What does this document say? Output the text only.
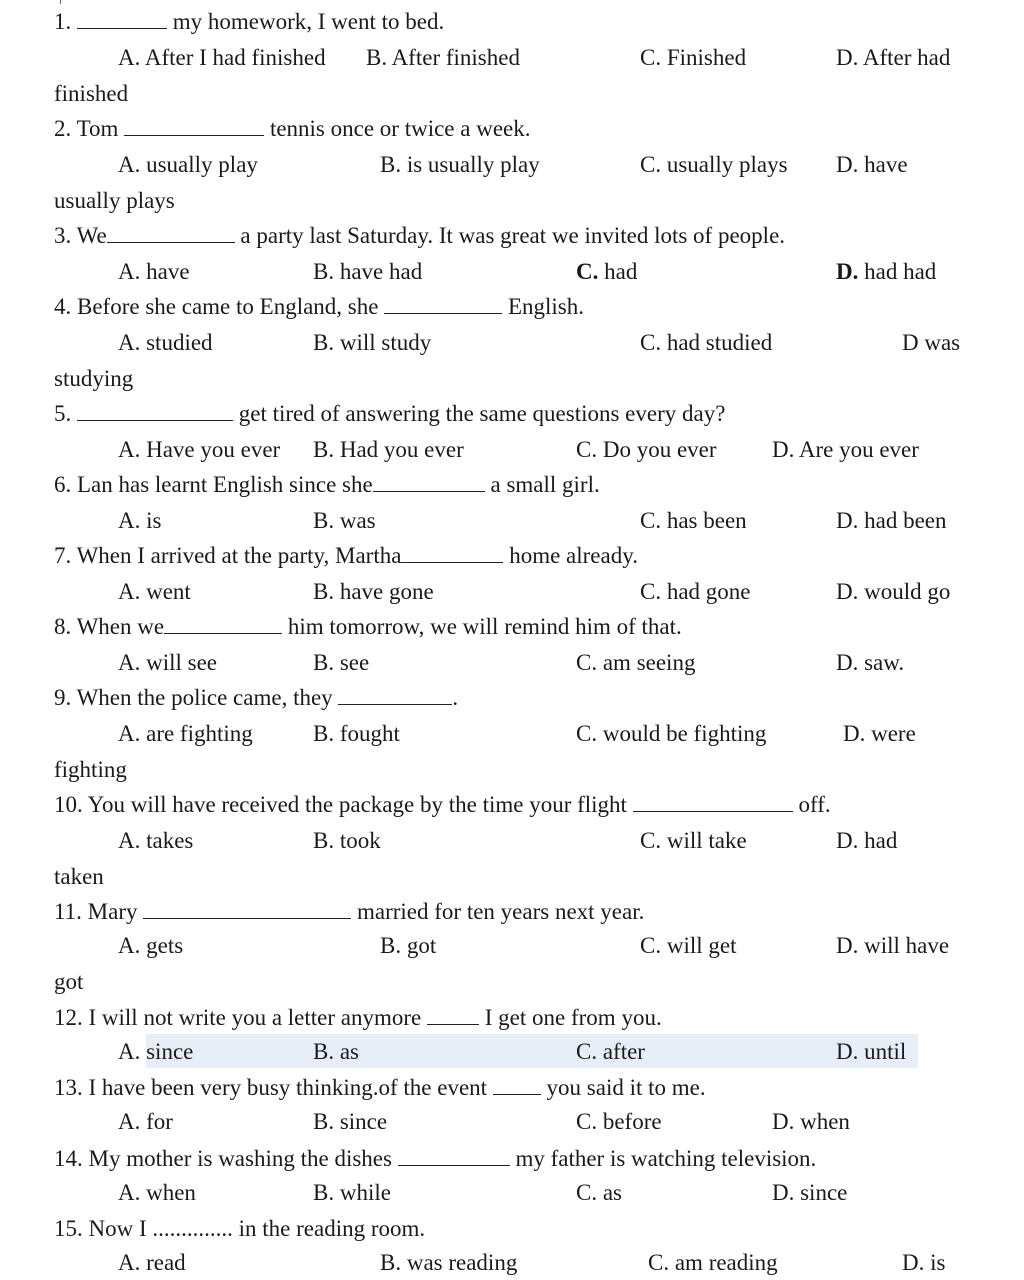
1.	my homework, I went to bed.
A. After I had finished B. After finished	C. Finished	D. After had
finished
2. Tom	tennis once or twice a week.
A. usually play	B. is usually play	C. usually plays D. have
usually plays
3. We	a party last Saturday. It was great we invited lots of people.
A. have	B. have had	C. had	D. had had
4. Before she came to England, she	English.
A. studied	B. will study	C. had studied	D was
studying
5.	get tired of answering the same questions every day?
A. Have you ever B. Had you ever	C. Do you ever D. Are you ever
6. Lan has learnt English since she	a small girl.
A. is	B. was	C. has been	D. had been
7. When I arrived at the party, Martha	home already.
A. went	B. have gone	C. had gone	D. would go
8. When we	him tomorrow, we will remind him of that.
A. will see	B. see	C. am seeing	D. saw.
9. When the police came, they	.
A. are fighting	B. fought	C. would be fighting	D. were
fighting
10. You will have received the package by the time your flight	off.
A. takes	B. took	C. will take	D. had
taken
11. Mary	married for ten years next year.
A. gets	B. got	C. will get	D. will have
got
12. I will not write you a letter anymore	I get one from you.
A. since	B. as	C. after	D. until
13. I have been very busy thinking.of the event	you said it to me.
A. for	B. since	C. before	D. when
14. My mother is washing the dishes	my father is watching television.
A. when	B. while	C. as	D. since
15. Now I .............. in the reading room.
A. read	B. was reading	C. am reading	D. is
